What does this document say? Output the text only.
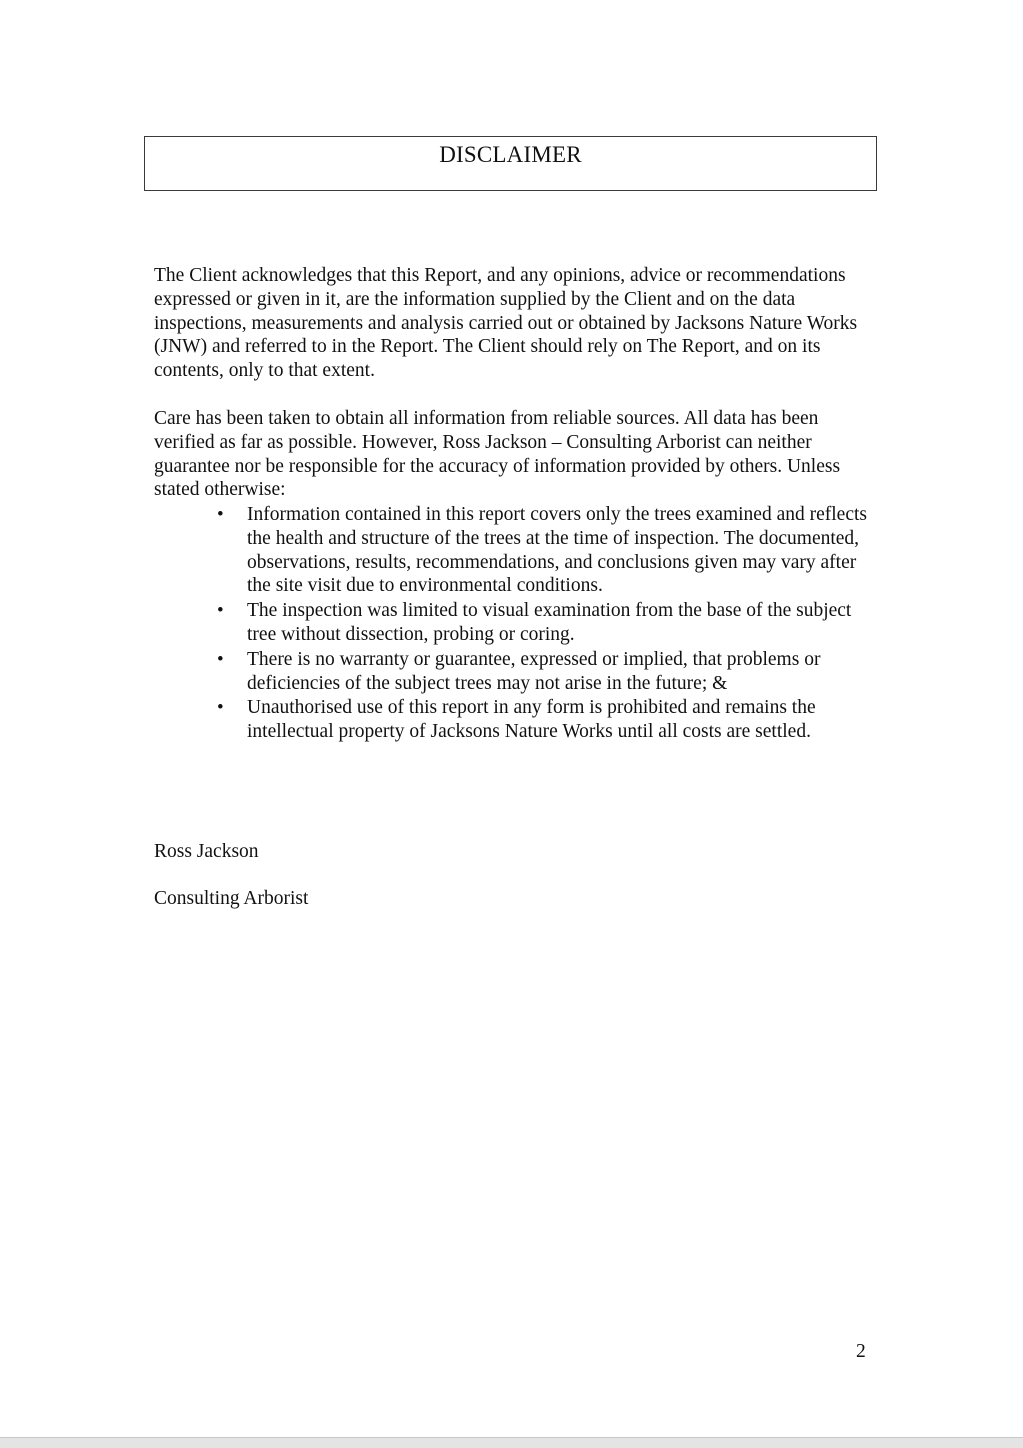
DISCLAIMER

The Client acknowledges that this Report, and any opinions, advice or recommendations expressed or given in it, are the information supplied by the Client and on the data inspections, measurements and analysis carried out or obtained by Jacksons Nature Works (JNW) and referred to in the Report. The Client should rely on The Report, and on its contents, only to that extent.

Care has been taken to obtain all information from reliable sources. All data has been verified as far as possible. However, Ross Jackson – Consulting Arborist can neither guarantee nor be responsible for the accuracy of information provided by others. Unless stated otherwise:

• Information contained in this report covers only the trees examined and reflects the health and structure of the trees at the time of inspection. The documented, observations, results, recommendations, and conclusions given may vary after the site visit due to environmental conditions.
• The inspection was limited to visual examination from the base of the subject tree without dissection, probing or coring.
• There is no warranty or guarantee, expressed or implied, that problems or deficiencies of the subject trees may not arise in the future; &
• Unauthorised use of this report in any form is prohibited and remains the intellectual property of Jacksons Nature Works until all costs are settled.
Ross Jackson
Consulting Arborist
2
